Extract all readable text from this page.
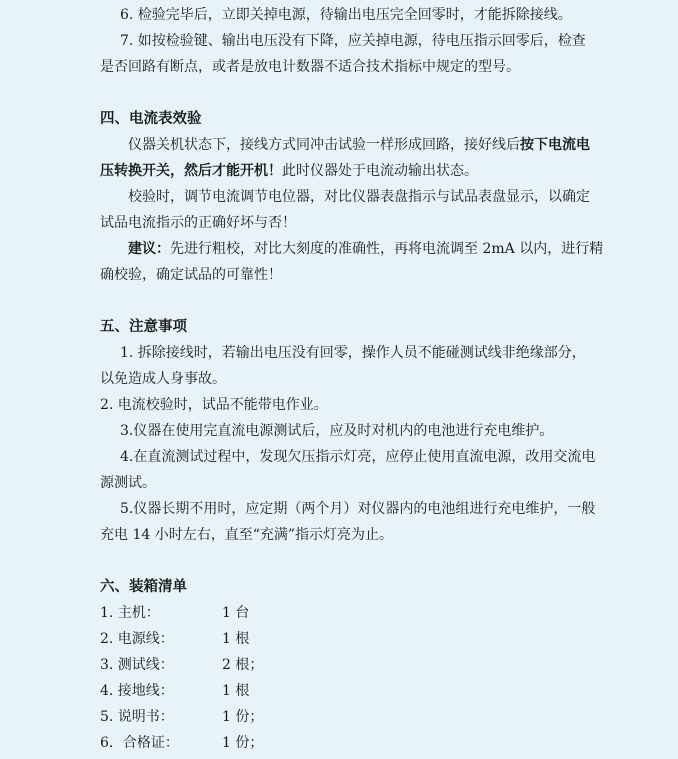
6. 检验完毕后，立即关掉电源，待输出电压完全回零时，才能拆除接线。
7. 如按检验键、输出电压没有下降，应关掉电源，待电压指示回零后，检查
是否回路有断点，或者是放电计数器不适合技术指标中规定的型号。
四、电流表效验
仪器关机状态下，接线方式同冲击试验一样形成回路，接好线后按下电流电
压转换开关，然后才能开机！此时仪器处于电流动输出状态。
校验时，调节电流调节电位器，对比仪器表盘指示与试品表盘显示，以确定
试品电流指示的正确好坏与否！
建议：先进行粗校，对比大刻度的准确性，再将电流调至 2mA 以内，进行精
确校验，确定试品的可靠性！
五、注意事项
1. 拆除接线时，若输出电压没有回零，操作人员不能碰测试线非绝缘部分，
以免造成人身事故。
2. 电流校验时，试品不能带电作业。
3.仪器在使用完直流电源测试后，应及时对机内的电池进行充电维护。
4.在直流测试过程中，发现欠压指示灯亮，应停止使用直流电源，改用交流电
源测试。
5.仪器长期不用时，应定期（两个月）对仪器内的电池组进行充电维护，一般
充电 14 小时左右，直至“充满”指示灯亮为止。
六、装箱清单
1. 主机：	1 台
2. 电源线：	1 根
3. 测试线：	2 根；
4. 接地线：	1 根
5. 说明书：	1 份；
6．合格证：	1 份；
